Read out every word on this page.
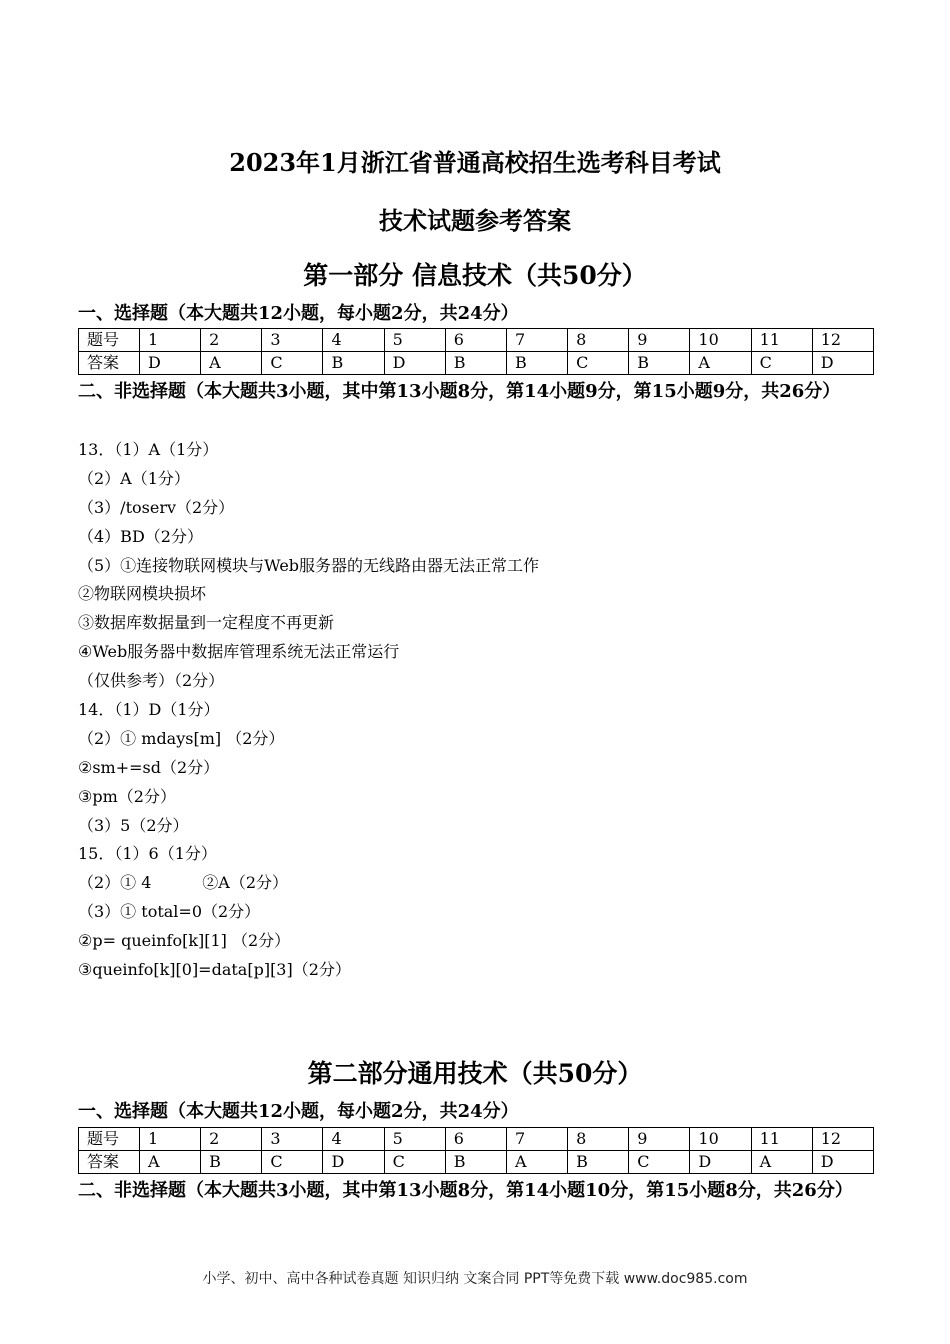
2023年1月浙江省普通高校招生选考科目考试
技术试题参考答案
第一部分 信息技术（共50分）
一、选择题（本大题共12小题，每小题2分，共24分）
题号	1	2	3	4	5	6	7	8	9	10	11	12
答案	D	A	C	B	D	B	B	C	B	A	C	D
二、非选择题（本大题共3小题，其中第13小题8分，第14小题9分，第15小题9分，共26分）
13．（1）A（1分）
（2）A（1分）
（3）/toserv（2分）
（4）BD（2分）
（5）①连接物联网模块与Web服务器的无线路由器无法正常工作
②物联网模块损坏
③数据库数据量到一定程度不再更新
④Web服务器中数据库管理系统无法正常运行
（仅供参考）（2分）
14．（1）D（1分）
（2）① mdays[m] （2分）
②sm+=sd（2分）
③pm（2分）
（3）5（2分）
15．（1）6（1分）
（2）① 4          ②A（2分）
（3）① total=0（2分）
②p= queinfo[k][1] （2分）
③queinfo[k][0]=data[p][3]（2分）
第二部分通用技术（共50分）
一、选择题（本大题共12小题，每小题2分，共24分）
题号	1	2	3	4	5	6	7	8	9	10	11	12
答案	A	B	C	D	C	B	A	B	C	D	A	D
二、非选择题（本大题共3小题，其中第13小题8分，第14小题10分，第15小题8分，共26分）
小学、初中、高中各种试卷真题 知识归纳 文案合同 PPT等免费下载 www.doc985.com
